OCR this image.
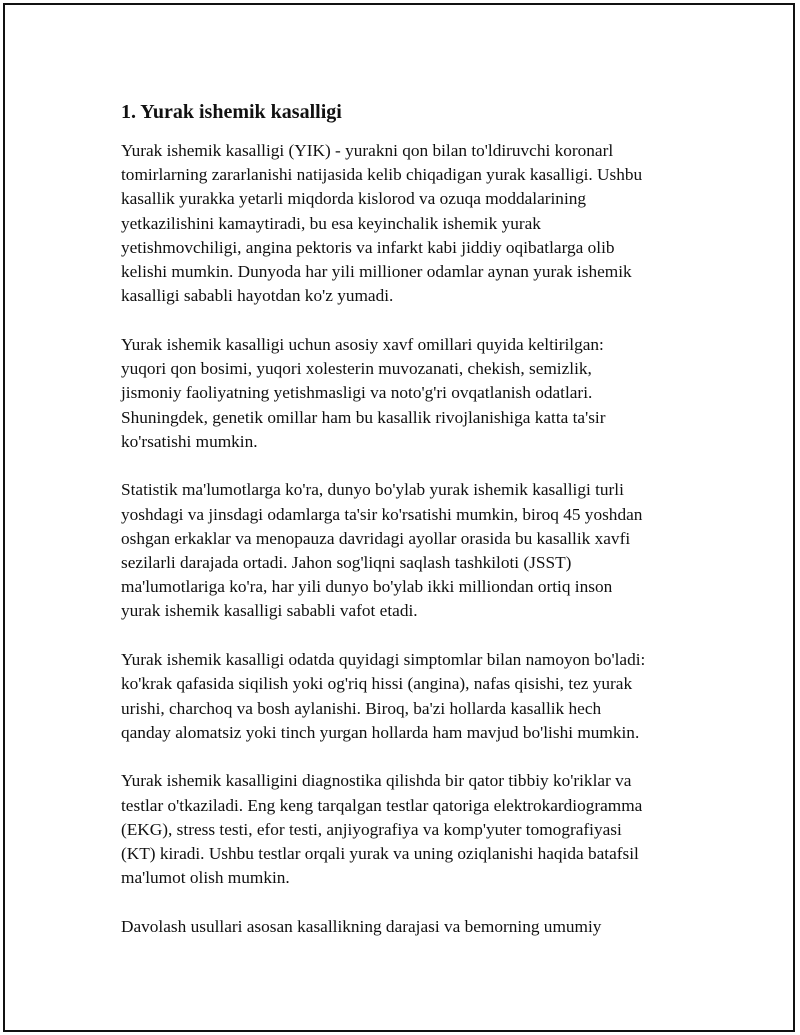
1. Yurak ishemik kasalligi

Yurak ishemik kasalligi (YIK) - yurakni qon bilan to'ldiruvchi koronarl
tomirlarning zararlanishi natijasida kelib chiqadigan yurak kasalligi. Ushbu
kasallik yurakka yetarli miqdorda kislorod va ozuqa moddalarining
yetkazilishini kamaytiradi, bu esa keyinchalik ishemik yurak
yetishmovchiligi, angina pektoris va infarkt kabi jiddiy oqibatlarga olib
kelishi mumkin. Dunyoda har yili millioner odamlar aynan yurak ishemik
kasalligi sababli hayotdan ko'z yumadi.

Yurak ishemik kasalligi uchun asosiy xavf omillari quyida keltirilgan:
yuqori qon bosimi, yuqori xolesterin muvozanati, chekish, semizlik,
jismoniy faoliyatning yetishmasligi va noto'g'ri ovqatlanish odatlari.
Shuningdek, genetik omillar ham bu kasallik rivojlanishiga katta ta'sir
ko'rsatishi mumkin.

Statistik ma'lumotlarga ko'ra, dunyo bo'ylab yurak ishemik kasalligi turli
yoshdagi va jinsdagi odamlarga ta'sir ko'rsatishi mumkin, biroq 45 yoshdan
oshgan erkaklar va menopauza davridagi ayollar orasida bu kasallik xavfi
sezilarli darajada ortadi. Jahon sog'liqni saqlash tashkiloti (JSST)
ma'lumotlariga ko'ra, har yili dunyo bo'ylab ikki milliondan ortiq inson
yurak ishemik kasalligi sababli vafot etadi.

Yurak ishemik kasalligi odatda quyidagi simptomlar bilan namoyon bo'ladi:
ko'krak qafasida siqilish yoki og'riq hissi (angina), nafas qisishi, tez yurak
urishi, charchoq va bosh aylanishi. Biroq, ba'zi hollarda kasallik hech
qanday alomatsiz yoki tinch yurgan hollarda ham mavjud bo'lishi mumkin.

Yurak ishemik kasalligini diagnostika qilishda bir qator tibbiy ko'riklar va
testlar o'tkaziladi. Eng keng tarqalgan testlar qatoriga elektrokardiogramma
(EKG), stress testi, efor testi, anjiyografiya va komp'yuter tomografiyasi
(KT) kiradi. Ushbu testlar orqali yurak va uning oziqlanishi haqida batafsil
ma'lumot olish mumkin.

Davolash usullari asosan kasallikning darajasi va bemorning umumiy
